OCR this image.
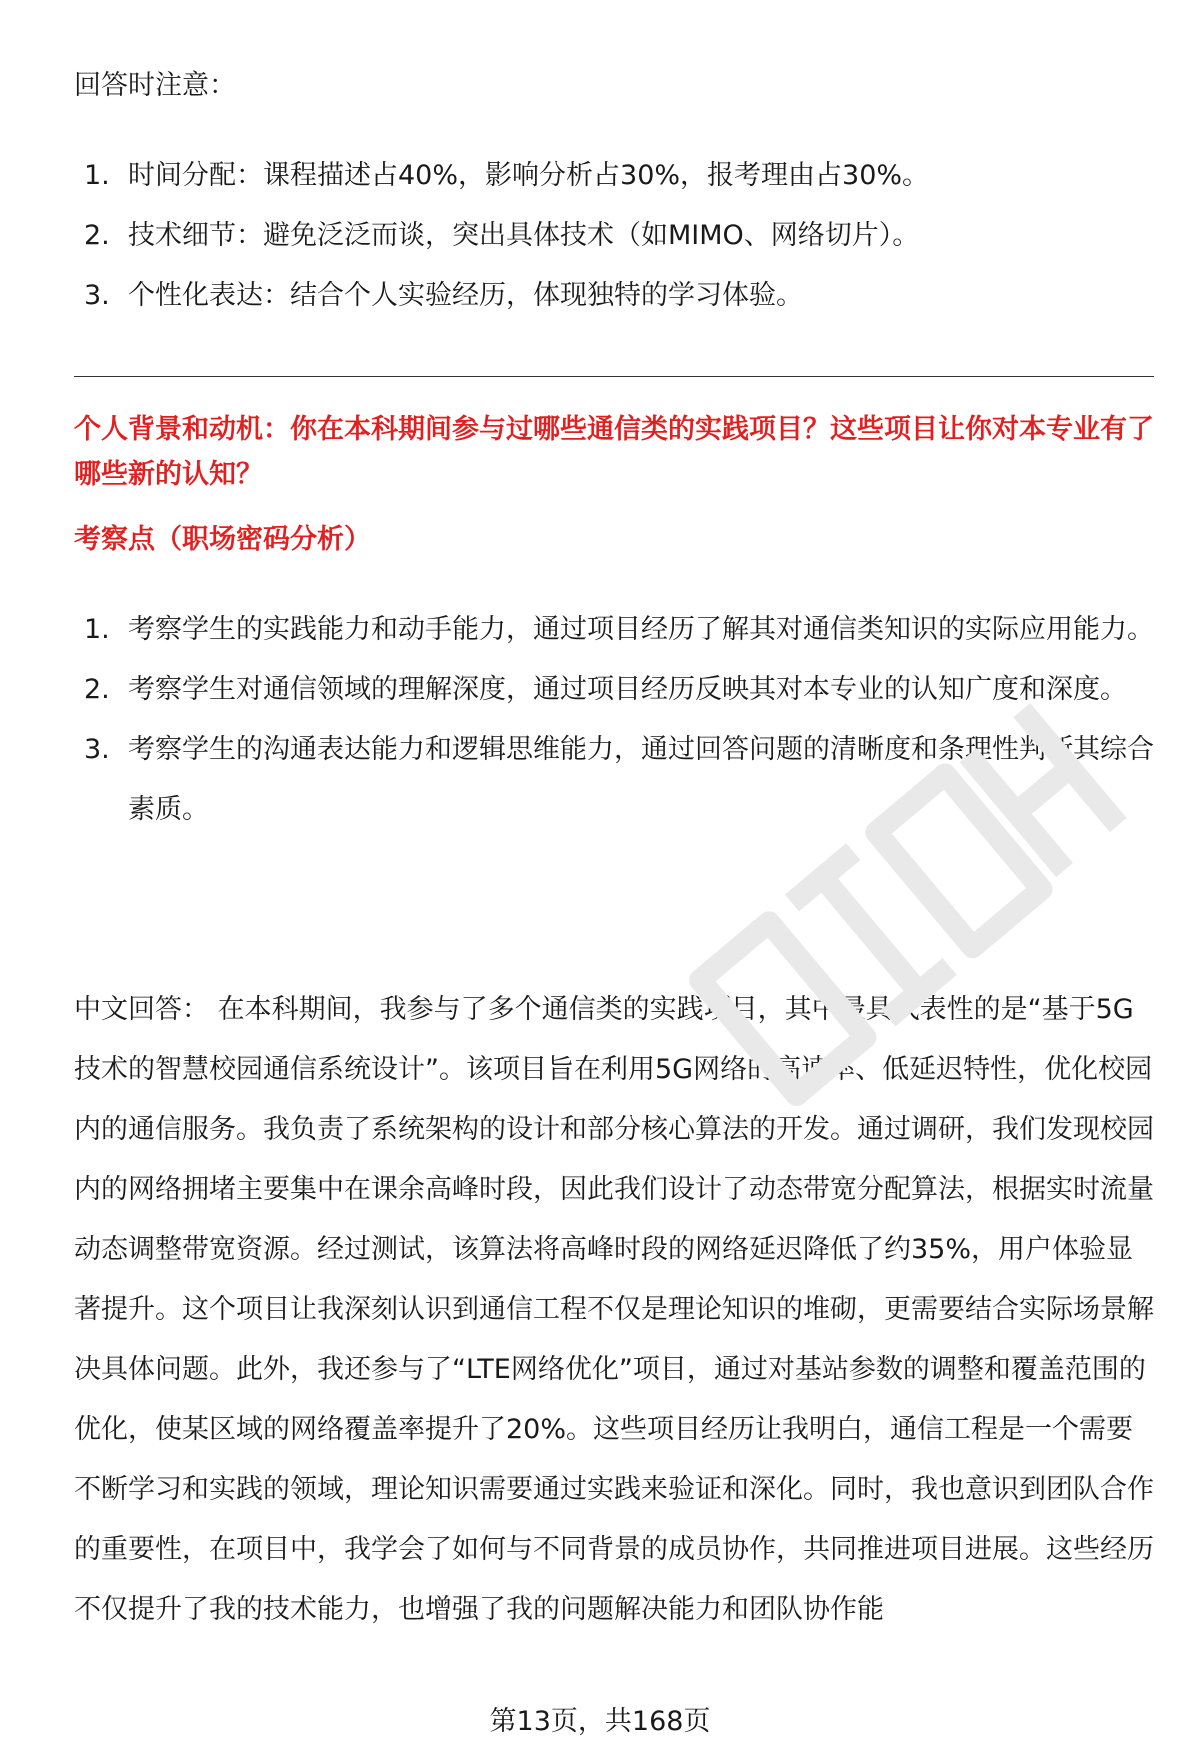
回答时注意：

1. 时间分配：课程描述占40%，影响分析占30%，报考理由占30%。
2. 技术细节：避免泛泛而谈，突出具体技术（如MIMO、网络切片）。
3. 个性化表达：结合个人实验经历，体现独特的学习体验。
个人背景和动机：你在本科期间参与过哪些通信类的实践项目？这些项目让你对本专业有了哪些新的认知？
考察点（职场密码分析）
1. 考察学生的实践能力和动手能力，通过项目经历了解其对通信类知识的实际应用能力。
2. 考察学生对通信领域的理解深度，通过项目经历反映其对本专业的认知广度和深度。
3. 考察学生的沟通表达能力和逻辑思维能力，通过回答问题的清晰度和条理性判断其综合素质。

中文回答： 在本科期间，我参与了多个通信类的实践项目，其中最具代表性的是“基于5G技术的智慧校园通信系统设计”。该项目旨在利用5G网络的高速率、低延迟特性，优化校园内的通信服务。我负责了系统架构的设计和部分核心算法的开发。通过调研，我们发现校园内的网络拥堵主要集中在课余高峰时段，因此我们设计了动态带宽分配算法，根据实时流量动态调整带宽资源。经过测试，该算法将高峰时段的网络延迟降低了约35%，用户体验显著提升。这个项目让我深刻认识到通信工程不仅是理论知识的堆砌，更需要结合实际场景解决具体问题。此外，我还参与了“LTE网络优化”项目，通过对基站参数的调整和覆盖范围的优化，使某区域的网络覆盖率提升了20%。这些项目经历让我明白，通信工程是一个需要不断学习和实践的领域，理论知识需要通过实践来验证和深化。同时，我也意识到团队合作的重要性，在项目中，我学会了如何与不同背景的成员协作，共同推进项目进展。这些经历不仅提升了我的技术能力，也增强了我的问题解决能力和团队协作能

第13页，共168页
